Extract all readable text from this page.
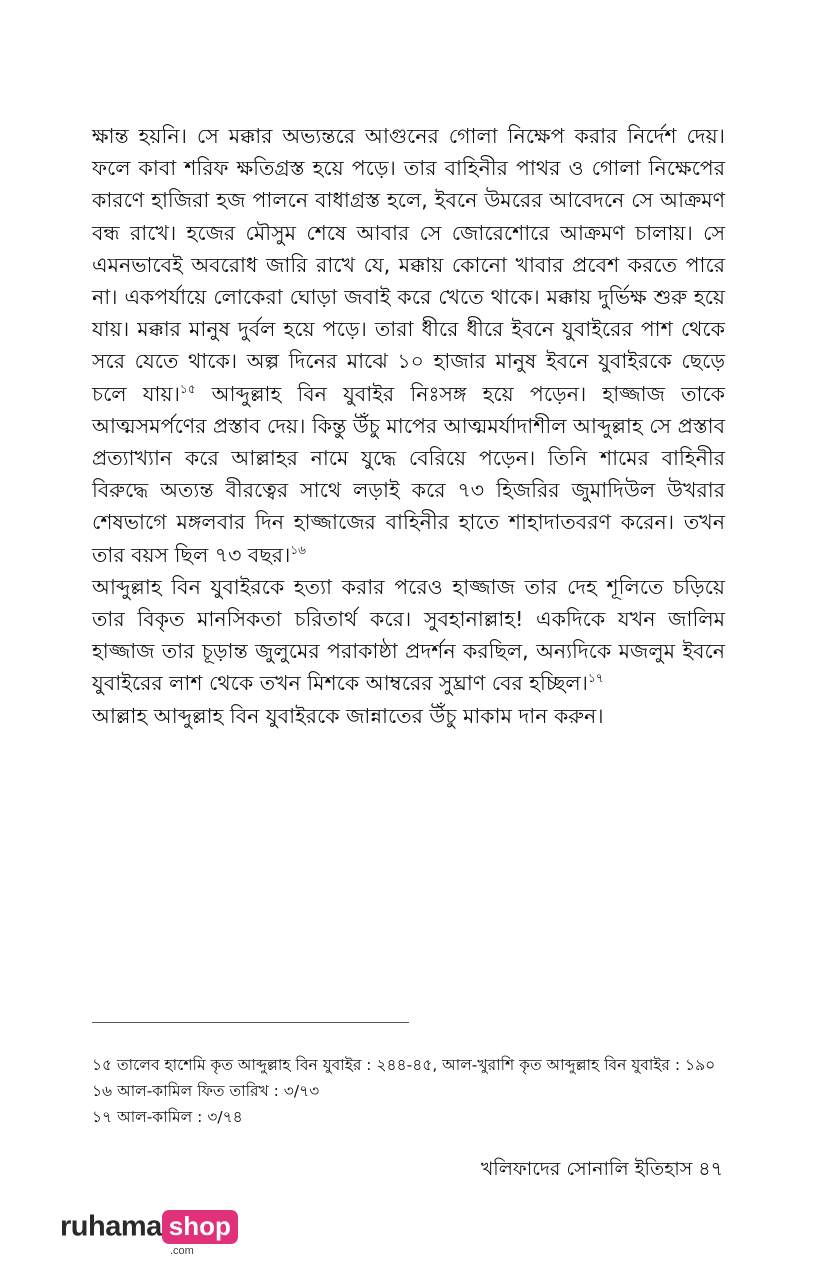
ক্ষান্ত হয়নি। সে মক্কার অভ্যন্তরে আগুনের গোলা নিক্ষেপ করার নির্দেশ দেয়। ফলে কাবা শরিফ ক্ষতিগ্রস্ত হয়ে পড়ে। তার বাহিনীর পাথর ও গোলা নিক্ষেপের কারণে হাজিরা হজ পালনে বাধাগ্রস্ত হলে, ইবনে উমরের আবেদনে সে আক্রমণ বন্ধ রাখে। হজের মৌসুম শেষে আবার সে জোরেশোরে আক্রমণ চালায়। সে এমনভাবেই অবরোধ জারি রাখে যে, মক্কায় কোনো খাবার প্রবেশ করতে পারে না। একপর্যায়ে লোকেরা ঘোড়া জবাই করে খেতে থাকে। মক্কায় দুর্ভিক্ষ শুরু হয়ে যায়। মক্কার মানুষ দুর্বল হয়ে পড়ে। তারা ধীরে ধীরে ইবনে যুবাইরের পাশ থেকে সরে যেতে থাকে। অল্প দিনের মাঝে ১০ হাজার মানুষ ইবনে যুবাইরকে ছেড়ে চলে যায়।$^{১৫}$ আব্দুল্লাহ বিন যুবাইর নিঃসঙ্গ হয়ে পড়েন। হাজ্জাজ তাকে আত্মসমর্পণের প্রস্তাব দেয়। কিন্তু উঁচু মাপের আত্মমর্যাদাশীল আব্দুল্লাহ সে প্রস্তাব প্রত্যাখ্যান করে আল্লাহর নামে যুদ্ধে বেরিয়ে পড়েন। তিনি শামের বাহিনীর বিরুদ্ধে অত্যন্ত বীরত্বের সাথে লড়াই করে ৭৩ হিজরির জুমাদিউল উখরার শেষভাগে মঙ্গলবার দিন হাজ্জাজের বাহিনীর হাতে শাহাদাতবরণ করেন। তখন তার বয়স ছিল ৭৩ বছর।$^{১৬}$

আব্দুল্লাহ বিন যুবাইরকে হত্যা করার পরেও হাজ্জাজ তার দেহ শূলিতে চড়িয়ে তার বিকৃত মানসিকতা চরিতার্থ করে। সুবহানাল্লাহ! একদিকে যখন জালিম হাজ্জাজ তার চূড়ান্ত জুলুমের পরাকাষ্ঠা প্রদর্শন করছিল, অন্যদিকে মজলুম ইবনে যুবাইরের লাশ থেকে তখন মিশকে আম্বরের সুঘ্রাণ বের হচ্ছিল।$^{১৭}$

আল্লাহ আব্দুল্লাহ বিন যুবাইরকে জান্নাতের উঁচু মাকাম দান করুন।

১৫ তালেব হাশেমি কৃত আব্দুল্লাহ বিন যুবাইর : ২৪৪-৪৫, আল-খুরাশি কৃত আব্দুল্লাহ বিন যুবাইর : ১৯০

১৬ আল-কামিল ফিত তারিখ : ৩/৭৩

১৭ আল-কামিল : ৩/৭৪

খলিফাদের সোনালি ইতিহাস ৪৭
ruhama shop
.com
